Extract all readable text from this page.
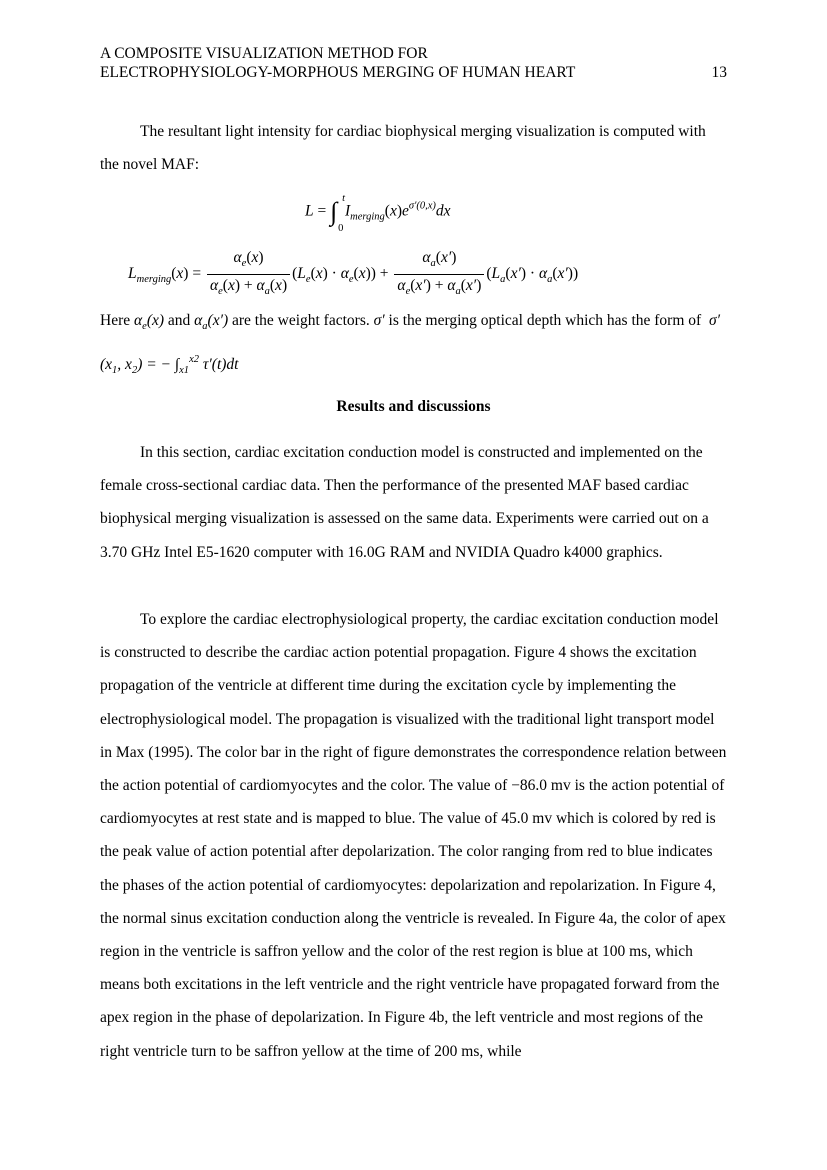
A COMPOSITE VISUALIZATION METHOD FOR
ELECTROPHYSIOLOGY-MORPHOUS MERGING OF HUMAN HEART	13

The resultant light intensity for cardiac biophysical merging visualization is computed with the novel MAF:

L = ∫ t
0
$I_{merging}(x)e^{\sigma'(0,x)}dx$
$L_{merging}(x) = \frac{\alpha_e(x)}{\alpha_e(x) + \alpha_a(x)} (L_e(x) \cdot \alpha_e(x)) + \frac{\alpha_a(x')}{\alpha_e(x') + \alpha_a(x')} (L_a(x') \cdot \alpha_a(x'))$

Here $\alpha_e(x)$ and $\alpha_a(x')$ are the weight factors. σ′ is the merging optical depth which has the form of $\sigma'(x_1$, $x_2$) = − $\int_{x1}^{x2}$ τ′(t)dt

Results and discussions

In this section, cardiac excitation conduction model is constructed and implemented on the female cross-sectional cardiac data. Then the performance of the presented MAF based cardiac biophysical merging visualization is assessed on the same data. Experiments were carried out on a 3.70 GHz Intel E5-1620 computer with 16.0G RAM and NVIDIA Quadro k4000 graphics.

To explore the cardiac electrophysiological property, the cardiac excitation conduction model is constructed to describe the cardiac action potential propagation. Figure 4 shows the excitation propagation of the ventricle at different time during the excitation cycle by implementing the electrophysiological model. The propagation is visualized with the traditional light transport model in Max (1995). The color bar in the right of figure demonstrates the correspondence relation between the action potential of cardiomyocytes and the color. The value of −86.0 mv is the action potential of cardiomyocytes at rest state and is mapped to blue. The value of 45.0 mv which is colored by red is the peak value of action potential after depolarization. The color ranging from red to blue indicates the phases of the action potential of cardiomyocytes: depolarization and repolarization. In Figure 4, the normal sinus excitation conduction along the ventricle is revealed. In Figure 4a, the color of apex region in the ventricle is saffron yellow and the color of the rest region is blue at 100 ms, which means both excitations in the left ventricle and the right ventricle have propagated forward from the apex region in the phase of depolarization. In Figure 4b, the left ventricle and most regions of the right ventricle turn to be saffron yellow at the time of 200 ms, while
